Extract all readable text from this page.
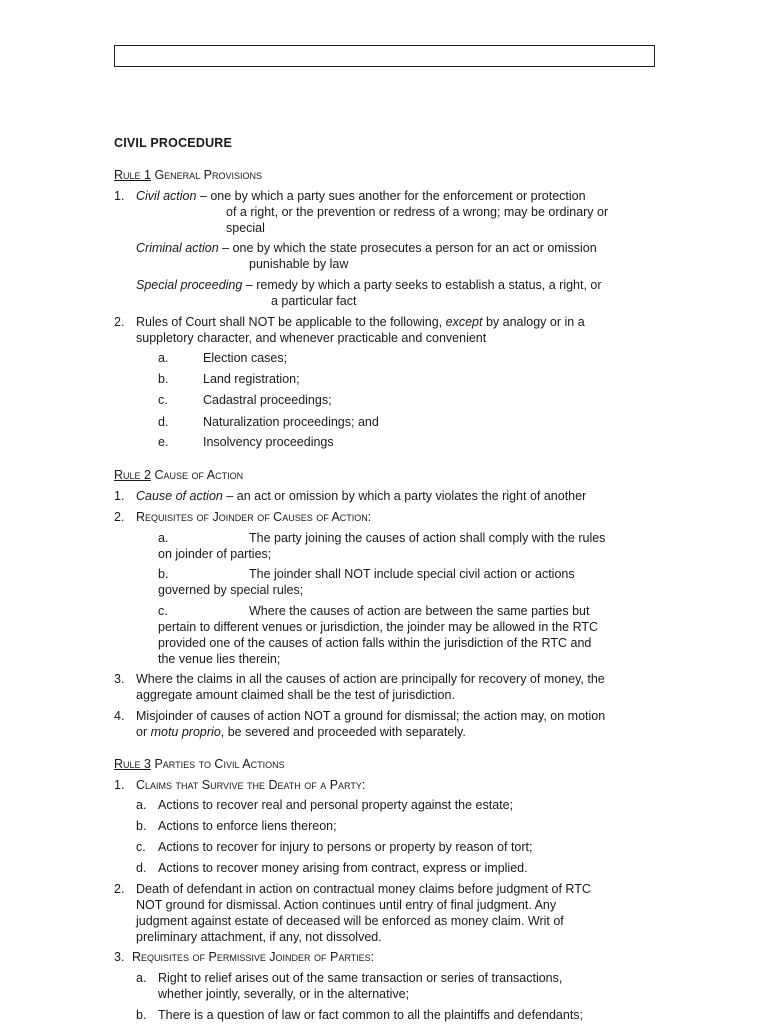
CIVIL PROCEDURE
Rule 1 General Provisions
1. Civil action – one by which a party sues another for the enforcement or protection
of a right, or the prevention or redress of a wrong; may be ordinary or
special
Criminal action – one by which the state prosecutes a person for an act or omission
punishable by law
Special proceeding – remedy by which a party seeks to establish a status, a right, or
a particular fact
2. Rules of Court shall NOT be applicable to the following, except by analogy or in a
suppletory character, and whenever practicable and convenient
a.	Election cases;
b.	Land registration;
c.	Cadastral proceedings;
d.	Naturalization proceedings; and
e.	Insolvency proceedings
Rule 2 Cause of Action
1. Cause of action – an act or omission by which a party violates the right of another
2. Requisites of Joinder of Causes of Action:
a.	The party joining the causes of action shall comply with the rules
on joinder of parties;
b.	The joinder shall NOT include special civil action or actions
governed by special rules;
c.	Where the causes of action are between the same parties but
pertain to different venues or jurisdiction, the joinder may be allowed in the RTC
provided one of the causes of action falls within the jurisdiction of the RTC and
the venue lies therein;
3. Where the claims in all the causes of action are principally for recovery of money, the
aggregate amount claimed shall be the test of jurisdiction.
4. Misjoinder of causes of action NOT a ground for dismissal; the action may, on motion
or motu proprio, be severed and proceeded with separately.
Rule 3 Parties to Civil Actions
1. Claims that Survive the Death of a Party:
a. Actions to recover real and personal property against the estate;
b. Actions to enforce liens thereon;
c. Actions to recover for injury to persons or property by reason of tort;
d. Actions to recover money arising from contract, express or implied.
2. Death of defendant in action on contractual money claims before judgment of RTC
NOT ground for dismissal. Action continues until entry of final judgment. Any
judgment against estate of deceased will be enforced as money claim. Writ of
preliminary attachment, if any, not dissolved.
3. Requisites of Permissive Joinder of Parties:
a. Right to relief arises out of the same transaction or series of transactions,
whether jointly, severally, or in the alternative;
b. There is a question of law or fact common to all the plaintiffs and defendants;
